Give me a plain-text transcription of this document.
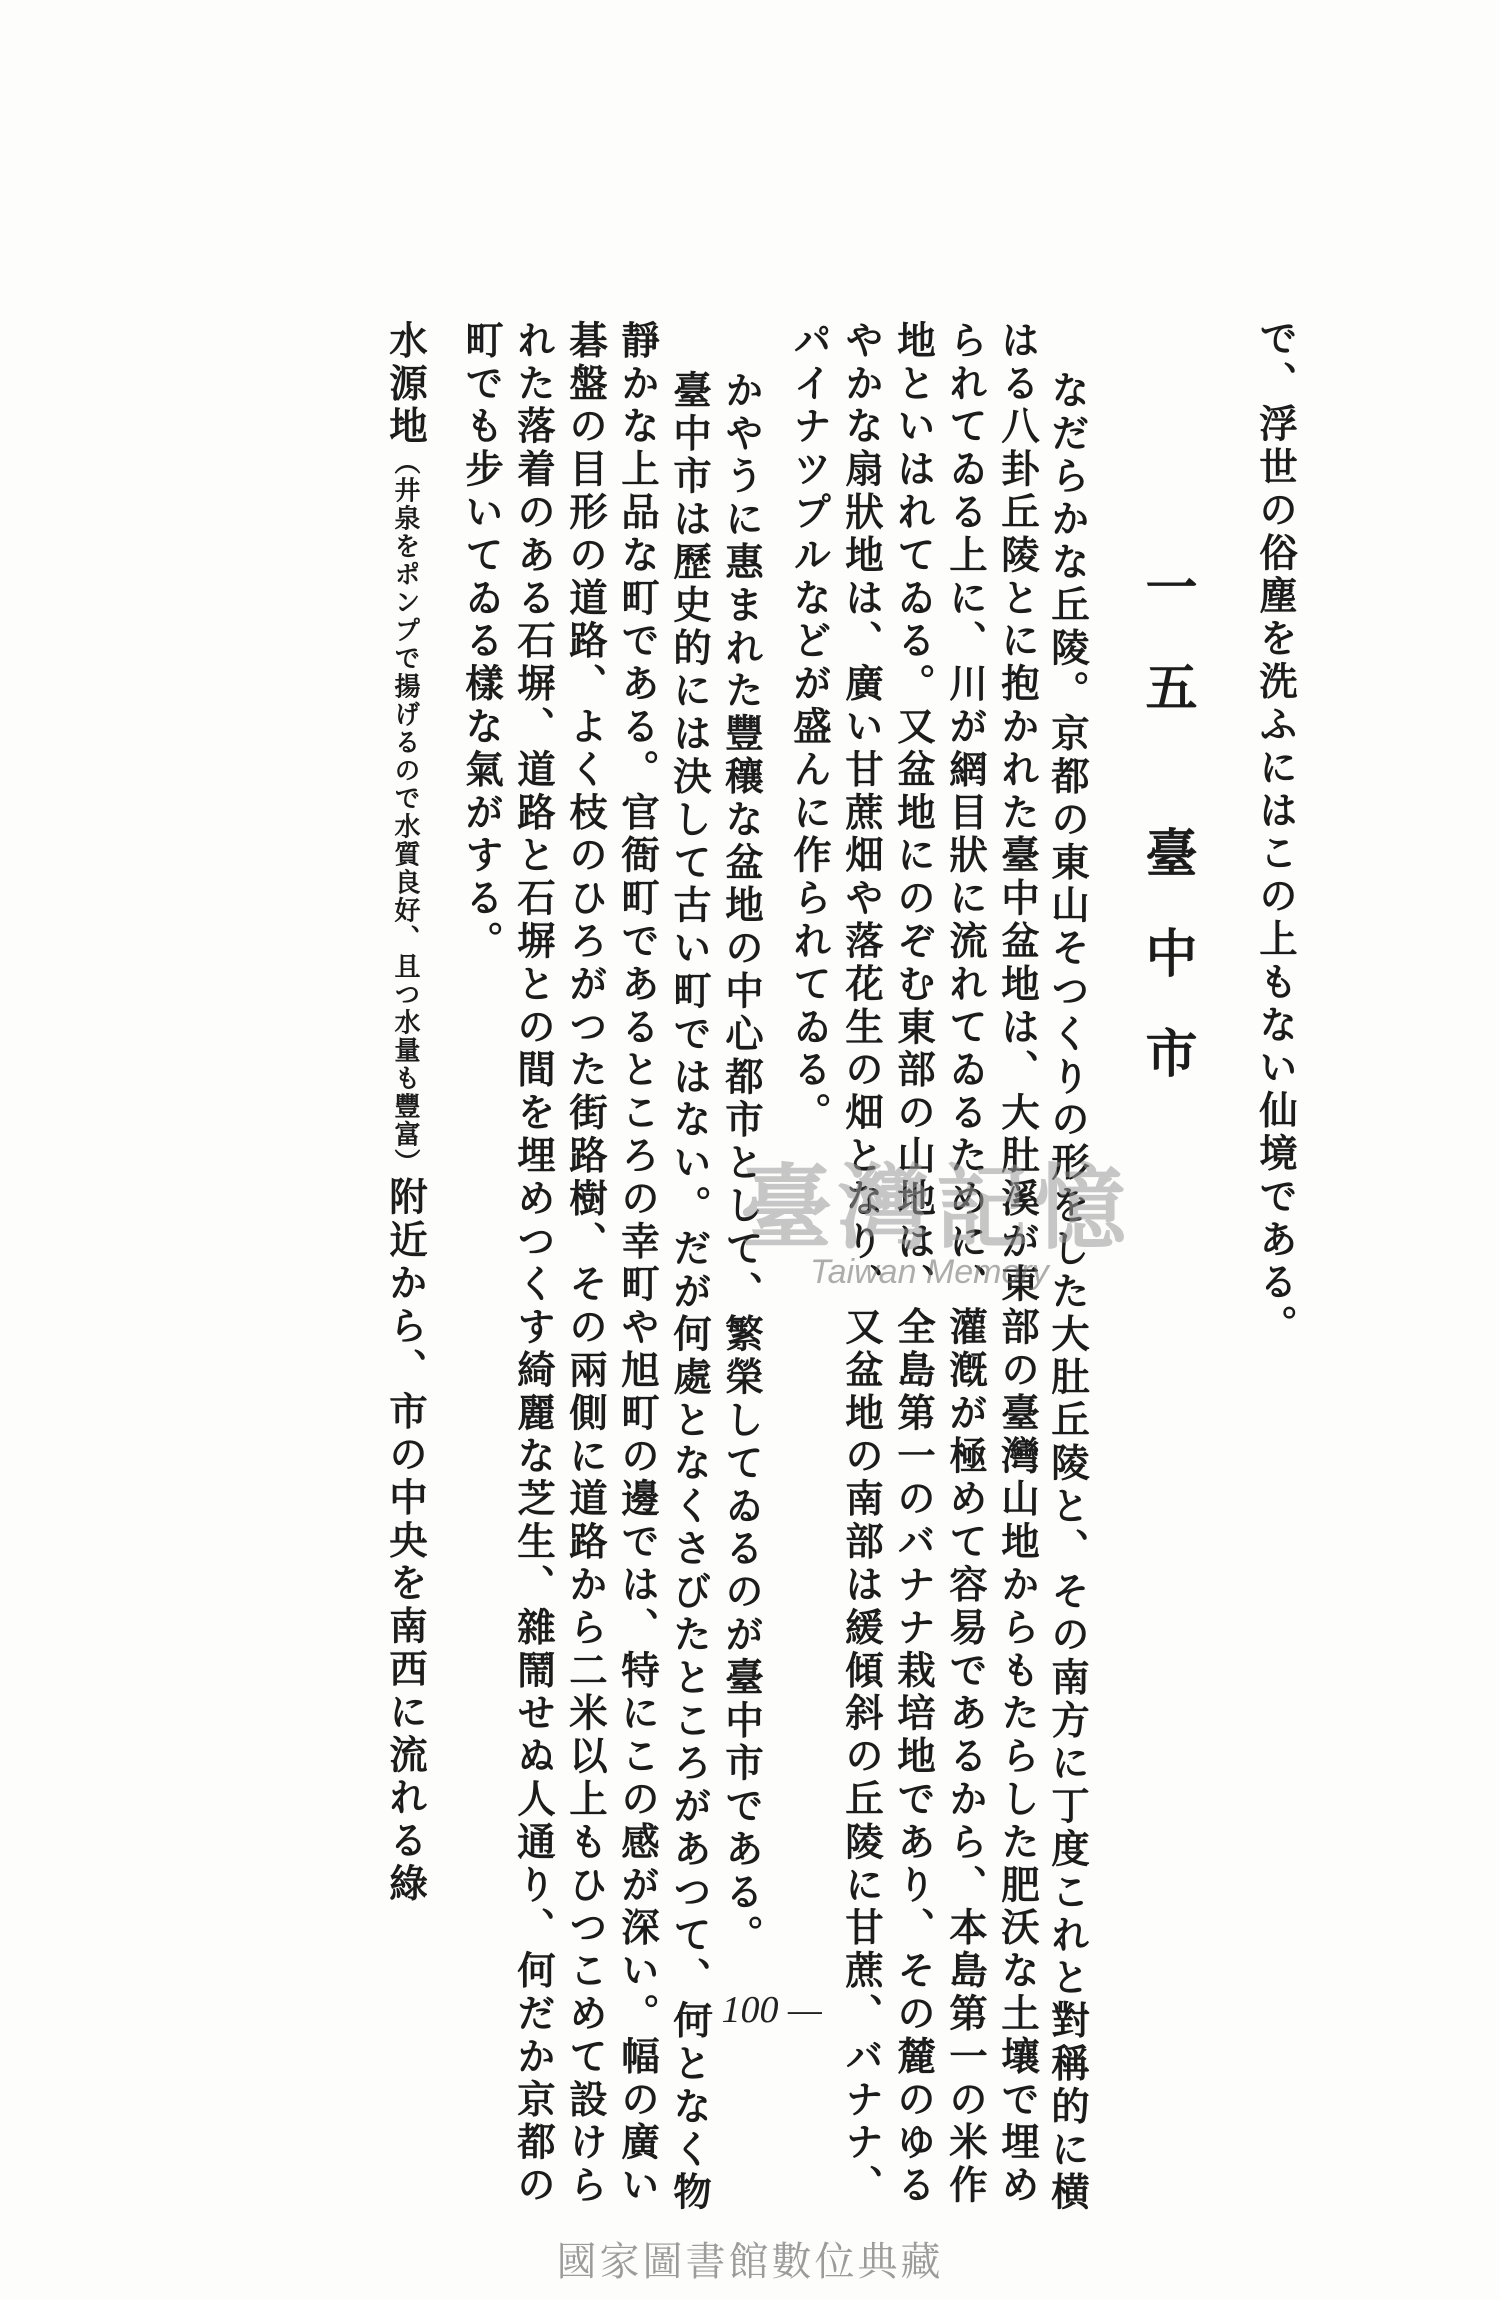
で、浮世の俗塵を洗ふにはこの上もない仙境である。
一五 臺中市
なだらかな丘陵。京都の東山そつくりの形をした大肚丘陵と、その南方に丁度これと對稱的に横
はる八卦丘陵とに抱かれた臺中盆地は、大肚溪が東部の臺灣山地からもたらした肥沃な土壤で埋め
られてゐる上に、川が網目狀に流れてゐるために、灌漑が極めて容易であるから、本島第一の米作
地といはれてゐる。又盆地にのぞむ東部の山地は、全島第一のバナナ栽培地であり、その麓のゆる
やかな扇狀地は、廣い甘蔗畑や落花生の畑となり、又盆地の南部は緩傾斜の丘陵に甘蔗、バナナ、
パイナツプルなどが盛んに作られてゐる。
かやうに惠まれた豐穰な盆地の中心都市として、繁榮してゐるのが臺中市である。
臺中市は歷史的には決して古い町ではない。だが何處となくさびたところがあつて、何となく物
靜かな上品な町である。官衙町であるところの幸町や旭町の邊では、特にこの感が深い。幅の廣い
碁盤の目形の道路、よく枝のひろがつた街路樹、その兩側に道路から二米以上もひつこめて設けら
れた落着のある石塀、道路と石塀との間を埋めつくす綺麗な芝生、雜鬧せぬ人通り、何だか京都の
町でも步いてゐる樣な氣がする。
水源地（井泉をポンプで揚げるので水質良好、且つ水量も豐富）附近から、市の中央を南西に流れる綠
— 100 —
臺灣記憶
Taiwan Memory
國家圖書館數位典藏
